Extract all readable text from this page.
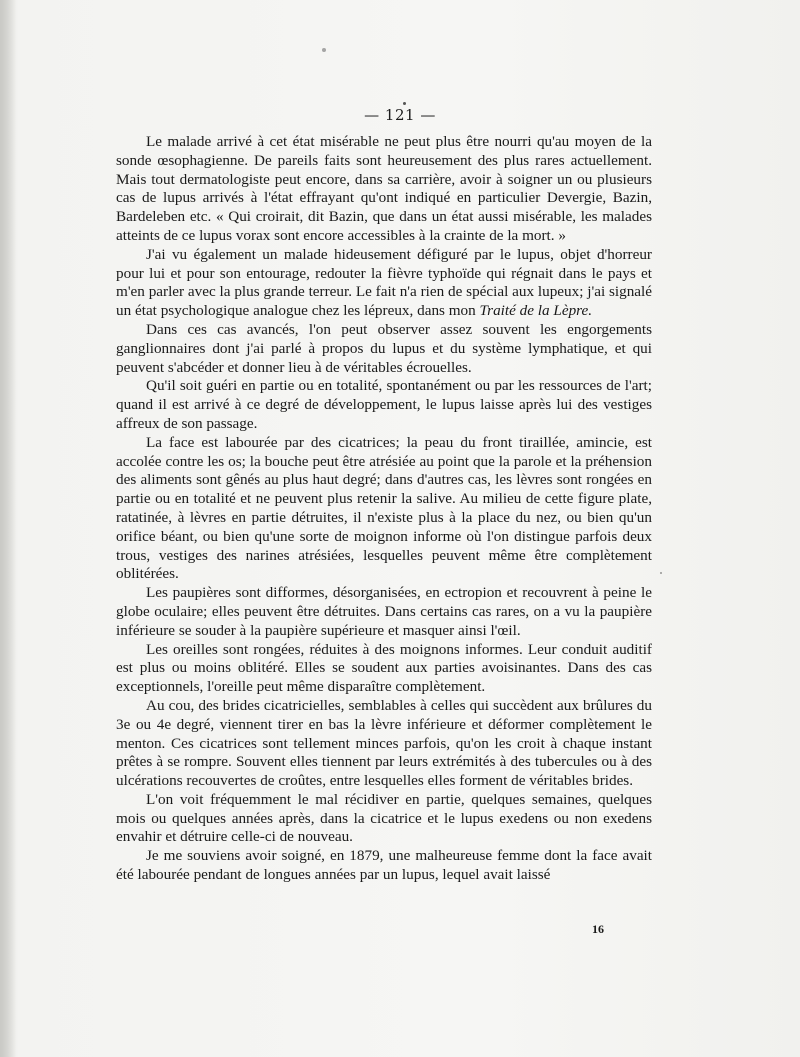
— 121 —

Le malade arrivé à cet état misérable ne peut plus être nourri qu'au moyen de la sonde œsophagienne. De pareils faits sont heureusement des plus rares actuellement. Mais tout dermatologiste peut encore, dans sa carrière, avoir à soigner un ou plusieurs cas de lupus arrivés à l'état effrayant qu'ont indiqué en particulier Devergie, Bazin, Bardeleben etc. « Qui croirait, dit Bazin, que dans un état aussi misérable, les malades atteints de ce lupus vorax sont encore accessibles à la crainte de la mort. »

J'ai vu également un malade hideusement défiguré par le lupus, objet d'horreur pour lui et pour son entourage, redouter la fièvre typhoïde qui régnait dans le pays et m'en parler avec la plus grande terreur. Le fait n'a rien de spécial aux lupeux; j'ai signalé un état psychologique analogue chez les lépreux, dans mon Traité de la Lèpre.

Dans ces cas avancés, l'on peut observer assez souvent les engorgements ganglionnaires dont j'ai parlé à propos du lupus et du système lymphatique, et qui peuvent s'abcéder et donner lieu à de véritables écrouelles.

Qu'il soit guéri en partie ou en totalité, spontanément ou par les ressources de l'art; quand il est arrivé à ce degré de développement, le lupus laisse après lui des vestiges affreux de son passage.

La face est labourée par des cicatrices; la peau du front tiraillée, amincie, est accolée contre les os; la bouche peut être atrésiée au point que la parole et la préhension des aliments sont gênés au plus haut degré; dans d'autres cas, les lèvres sont rongées en partie ou en totalité et ne peuvent plus retenir la salive. Au milieu de cette figure plate, ratatinée, à lèvres en partie détruites, il n'existe plus à la place du nez, ou bien qu'un orifice béant, ou bien qu'une sorte de moignon informe où l'on distingue parfois deux trous, vestiges des narines atrésiées, lesquelles peuvent même être complètement oblitérées.

Les paupières sont difformes, désorganisées, en ectropion et recouvrent à peine le globe oculaire; elles peuvent être détruites. Dans certains cas rares, on a vu la paupière inférieure se souder à la paupière supérieure et masquer ainsi l'œil.

Les oreilles sont rongées, réduites à des moignons informes. Leur conduit auditif est plus ou moins oblitéré. Elles se soudent aux parties avoisinantes. Dans des cas exceptionnels, l'oreille peut même disparaître complètement.

Au cou, des brides cicatricielles, semblables à celles qui succèdent aux brûlures du 3e ou 4e degré, viennent tirer en bas la lèvre inférieure et déformer complètement le menton. Ces cicatrices sont tellement minces parfois, qu'on les croit à chaque instant prêtes à se rompre. Souvent elles tiennent par leurs extrémités à des tubercules ou à des ulcérations recouvertes de croûtes, entre lesquelles elles forment de véritables brides.

L'on voit fréquemment le mal récidiver en partie, quelques semaines, quelques mois ou quelques années après, dans la cicatrice et le lupus exedens ou non exedens envahir et détruire celle-ci de nouveau.

Je me souviens avoir soigné, en 1879, une malheureuse femme dont la face avait été labourée pendant de longues années par un lupus, lequel avait laissé

16
